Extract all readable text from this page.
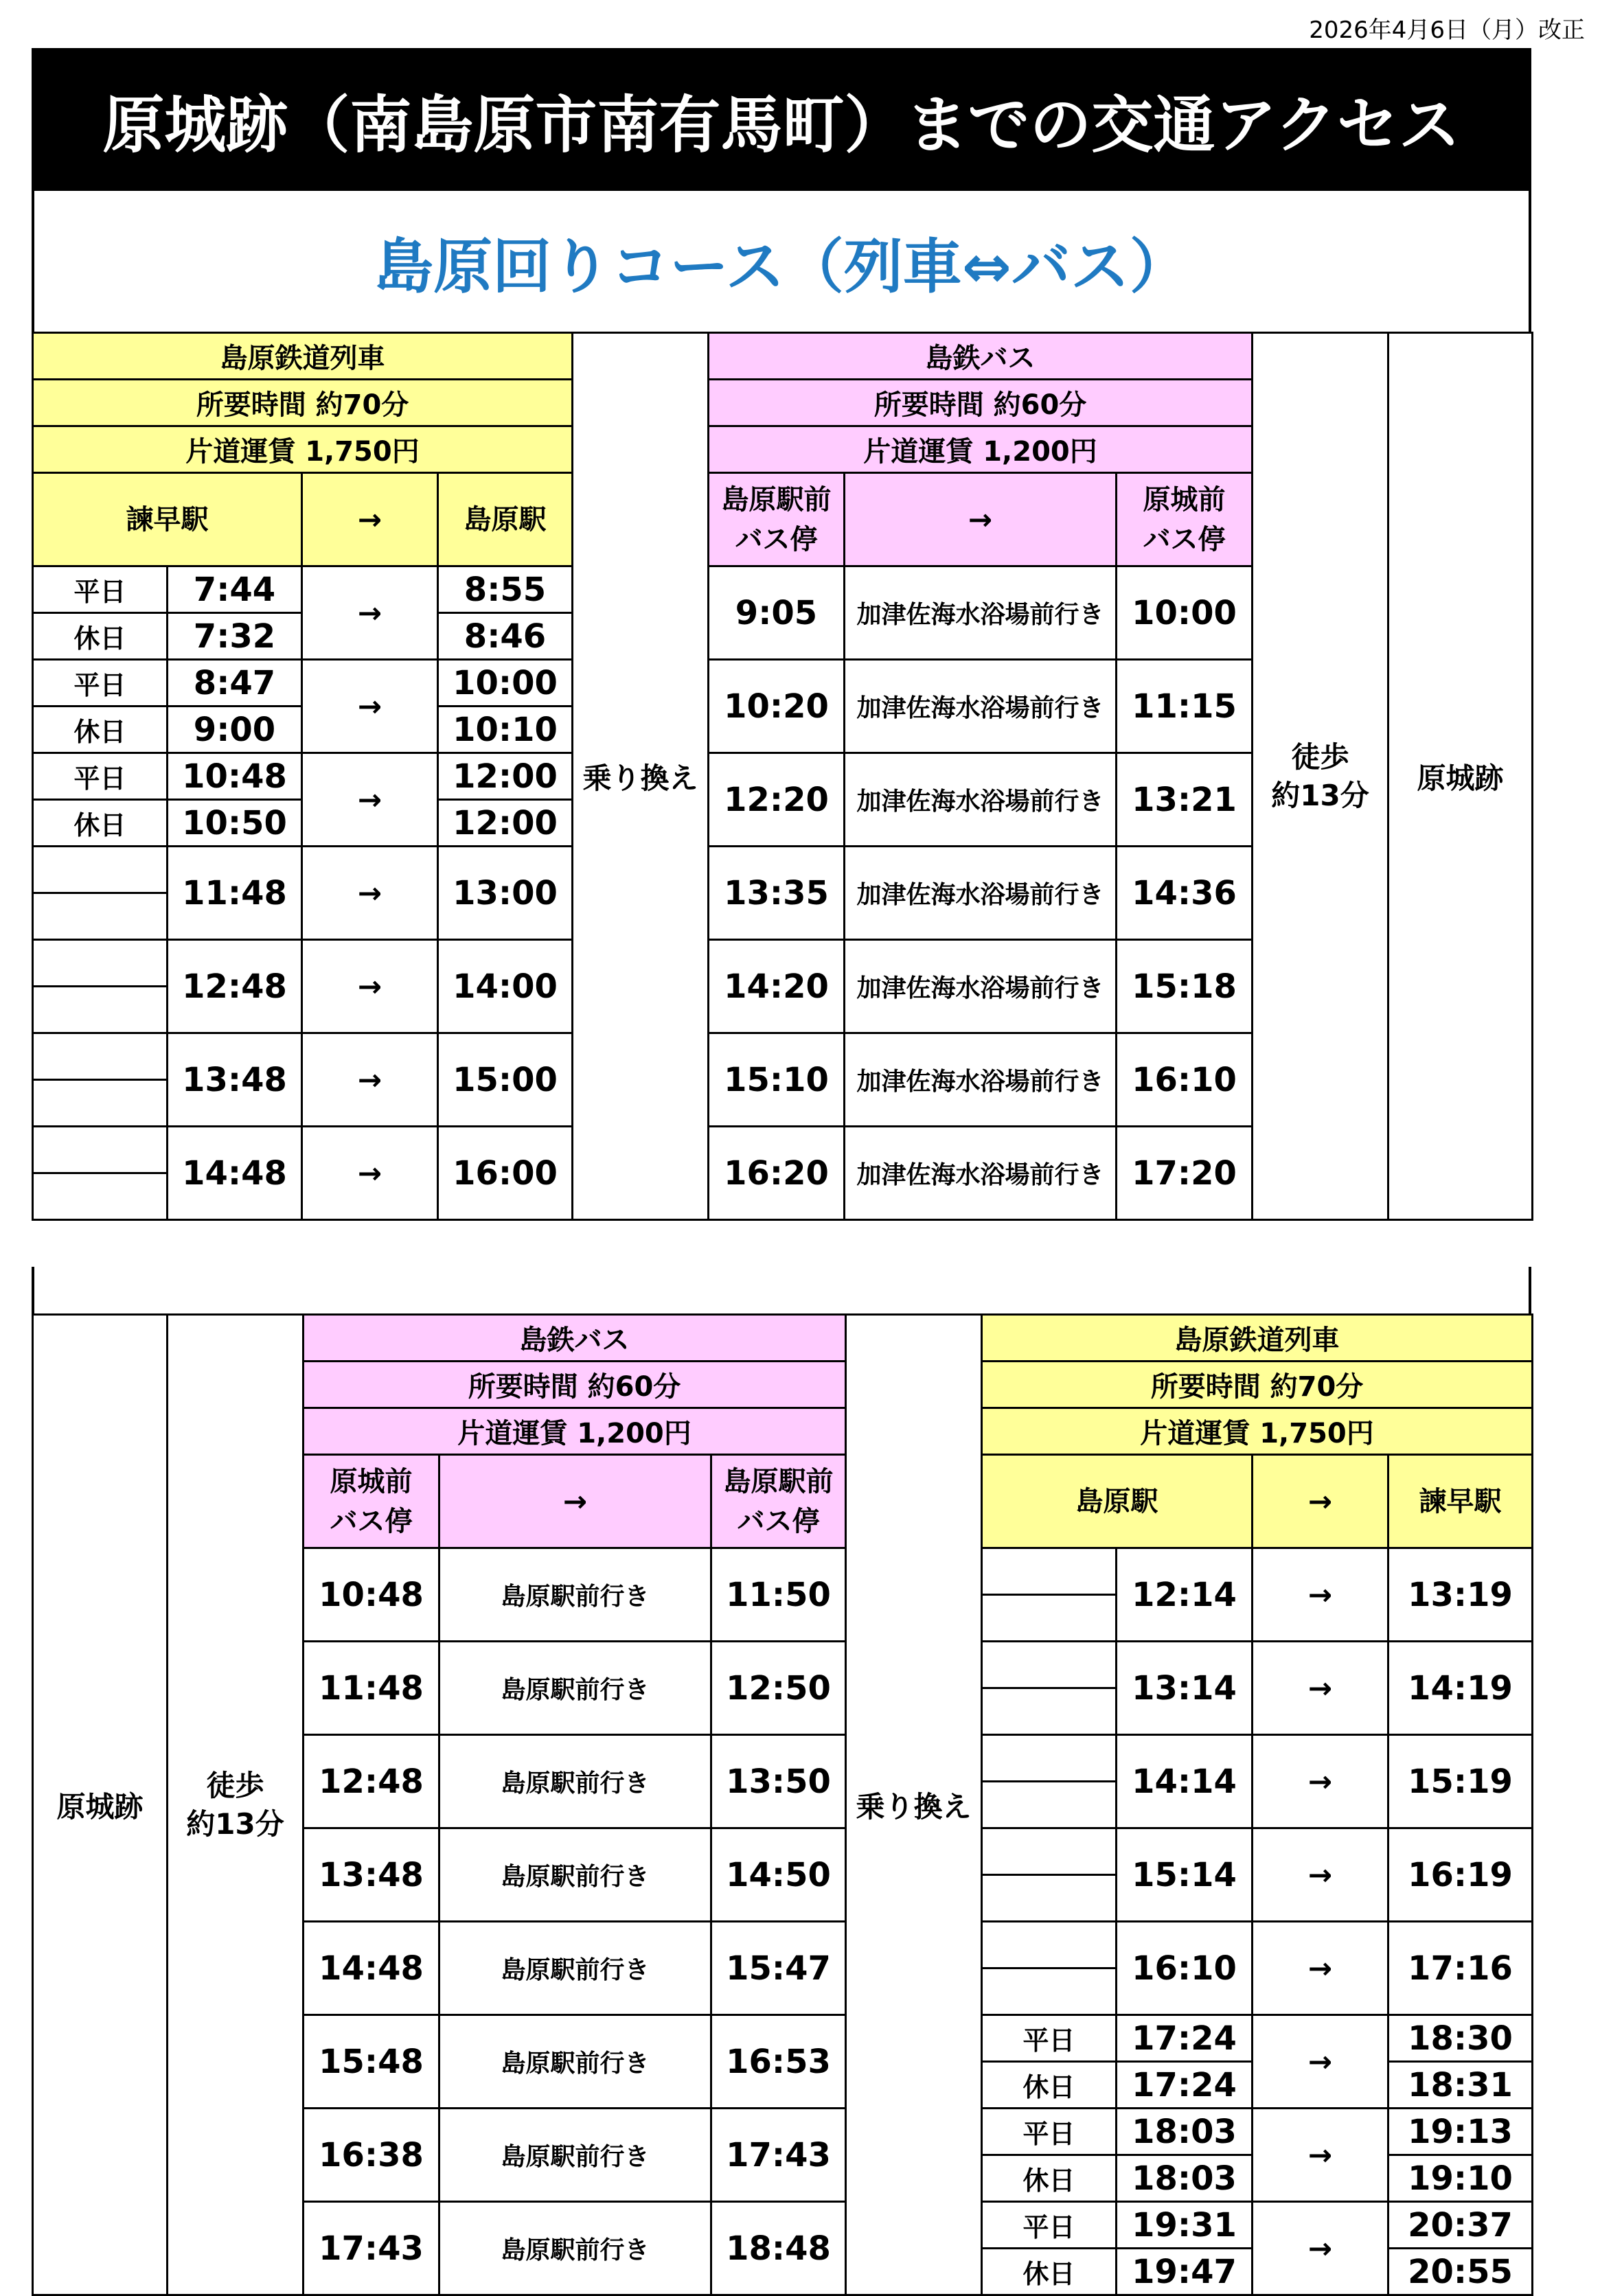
2026年4月6日（月）改正
原城跡（南島原市南有馬町）までの交通アクセス
島原回りコース（列車⇔バス）
島原鉄道列車				乗り換え	島鉄バス			徒歩
約13分	原城跡
所要時間 約70分					所要時間 約60分				
片道運賃 1,750円					片道運賃 1,200円				
諫早駅		→	島原駅		島原駅前
バス停	→	原城前
バス停		
平日	7:44	→	8:55		9:05	加津佐海水浴場前行き	10:00		
休日	7:32		8:46						
平日	8:47	→	10:00		10:20	加津佐海水浴場前行き	11:15		
休日	9:00		10:10						
平日	10:48	→	12:00		12:20	加津佐海水浴場前行き	13:21		
休日	10:50		12:00						
	11:48	→	13:00		13:35	加津佐海水浴場前行き	14:36		

	12:48	→	14:00		14:20	加津佐海水浴場前行き	15:18		

	13:48	→	15:00		15:10	加津佐海水浴場前行き	16:10		

	14:48	→	16:00		16:20	加津佐海水浴場前行き	17:20		

原城跡	徒歩
約13分	島鉄バス			乗り換え	島原鉄道列車			
		所要時間 約60分				所要時間 約70分			
		片道運賃 1,200円				片道運賃 1,750円			
		原城前
バス停	→	島原駅前
バス停		島原駅		→	諫早駅
		10:48	島原駅前行き	11:50			12:14	→	13:19

		11:48	島原駅前行き	12:50			13:14	→	14:19

		12:48	島原駅前行き	13:50			14:14	→	15:19

		13:48	島原駅前行き	14:50			15:14	→	16:19

		14:48	島原駅前行き	15:47			16:10	→	17:16

		15:48	島原駅前行き	16:53		平日	17:24	→	18:30
						休日	17:24		18:31
		16:38	島原駅前行き	17:43		平日	18:03	→	19:13
						休日	18:03		19:10
		17:43	島原駅前行き	18:48		平日	19:31	→	20:37
						休日	19:47		20:55
